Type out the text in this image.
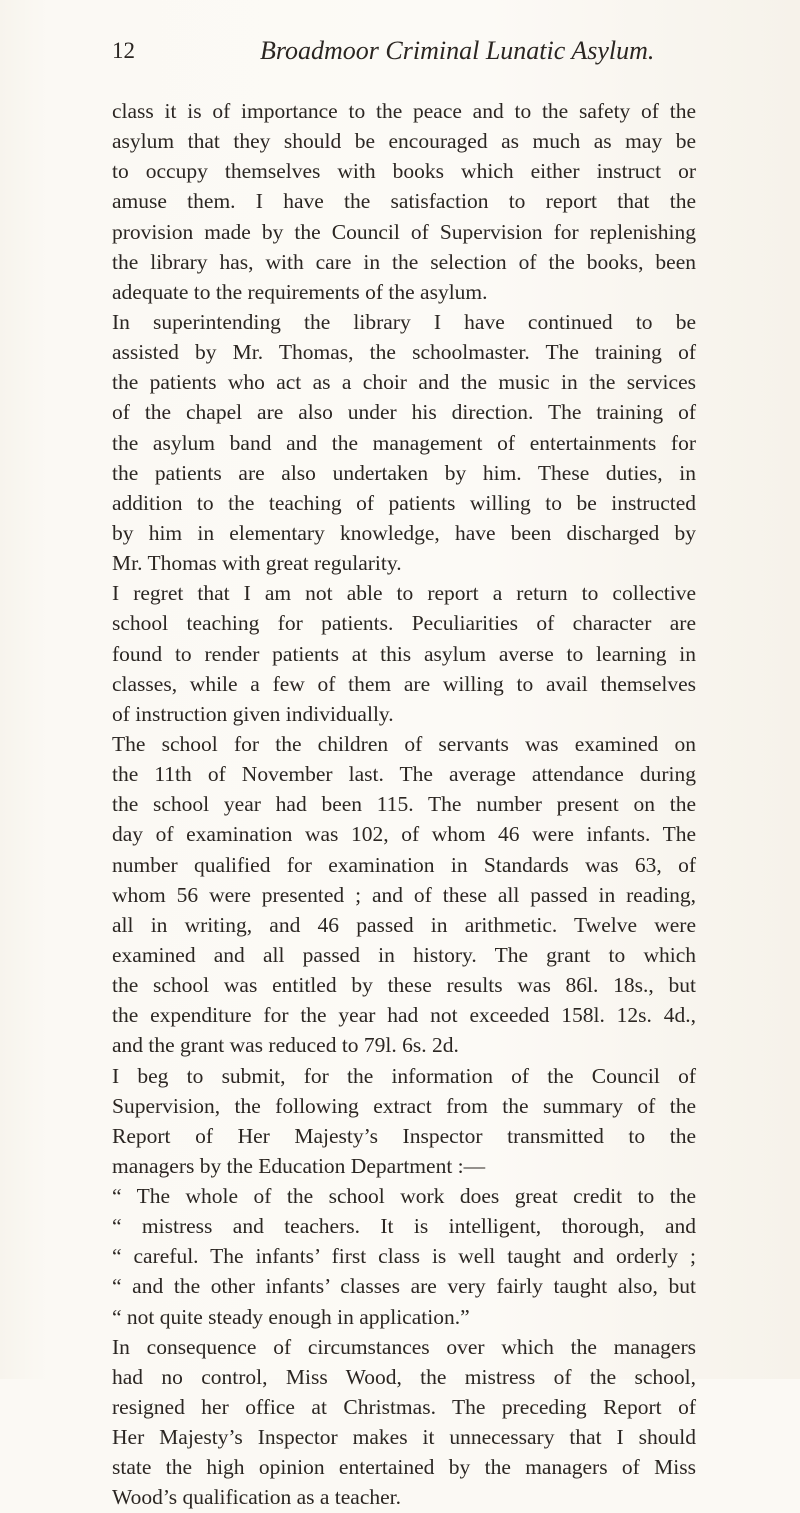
12	Broadmoor Criminal Lunatic Asylum.
class it is of importance to the peace and to the safety of the
asylum that they should be encouraged as much as may be
to occupy themselves with books which either instruct or
amuse them. I have the satisfaction to report that the
provision made by the Council of Supervision for replenishing
the library has, with care in the selection of the books, been
adequate to the requirements of the asylum.
In superintending the library I have continued to be
assisted by Mr. Thomas, the schoolmaster. The training of
the patients who act as a choir and the music in the services
of the chapel are also under his direction. The training of
the asylum band and the management of entertainments for
the patients are also undertaken by him. These duties, in
addition to the teaching of patients willing to be instructed
by him in elementary knowledge, have been discharged by
Mr. Thomas with great regularity.
I regret that I am not able to report a return to collective
school teaching for patients. Peculiarities of character are
found to render patients at this asylum averse to learning in
classes, while a few of them are willing to avail themselves
of instruction given individually.
The school for the children of servants was examined on
the 11th of November last. The average attendance during
the school year had been 115. The number present on the
day of examination was 102, of whom 46 were infants. The
number qualified for examination in Standards was 63, of
whom 56 were presented ; and of these all passed in reading,
all in writing, and 46 passed in arithmetic. Twelve were
examined and all passed in history. The grant to which
the school was entitled by these results was 86l. 18s., but
the expenditure for the year had not exceeded 158l. 12s. 4d.,
and the grant was reduced to 79l. 6s. 2d.
I beg to submit, for the information of the Council of
Supervision, the following extract from the summary of the
Report of Her Majesty’s Inspector transmitted to the
managers by the Education Department :—
“ The whole of the school work does great credit to the
“ mistress and teachers. It is intelligent, thorough, and
“ careful. The infants’ first class is well taught and orderly ;
“ and the other infants’ classes are very fairly taught also, but
“ not quite steady enough in application.”
In consequence of circumstances over which the managers
had no control, Miss Wood, the mistress of the school,
resigned her office at Christmas. The preceding Report of
Her Majesty’s Inspector makes it unnecessary that I should
state the high opinion entertained by the managers of Miss
Wood’s qualification as a teacher.
